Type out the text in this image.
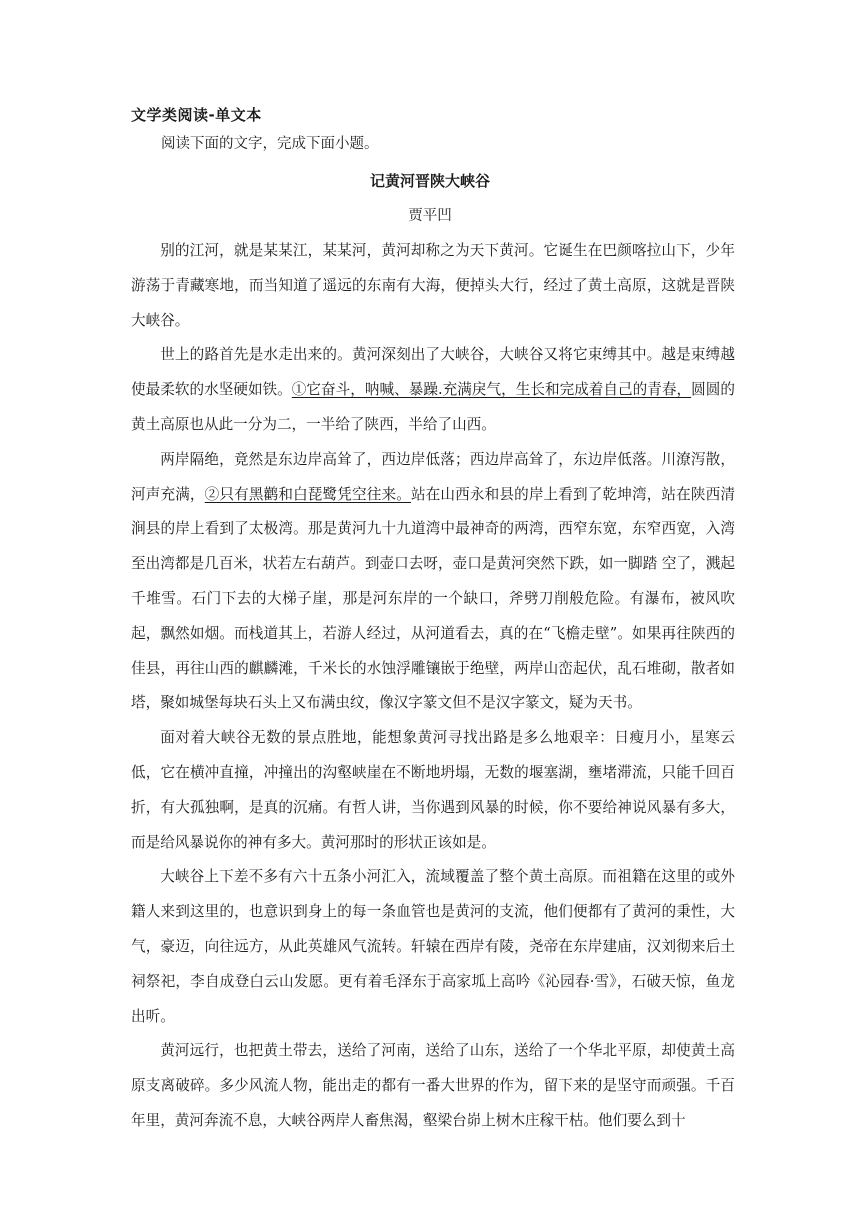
文学类阅读-单文本
阅读下面的文字，完成下面小题。
记黄河晋陕大峡谷
贾平凹

别的江河，就是某某江，某某河，黄河却称之为天下黄河。它诞生在巴颜喀拉山下，少年游荡于青藏寒地，而当知道了遥远的东南有大海，便掉头大行，经过了黄土高原，这就是晋陕大峡谷。

世上的路首先是水走出来的。黄河深刻出了大峡谷，大峡谷又将它束缚其中。越是束缚越使最柔软的水坚硬如铁。①它奋斗，呐喊、暴躁.充满戾气，生长和完成着自己的青春，圆圆的黄土高原也从此一分为二，一半给了陕西，半给了山西。

两岸隔绝，竟然是东边岸高耸了，西边岸低落；西边岸高耸了，东边岸低落。川潦泻散，河声充满，②只有黑鹳和白琵鹭凭空往来。站在山西永和县的岸上看到了乾坤湾，站在陕西清涧县的岸上看到了太极湾。那是黄河九十九道湾中最神奇的两湾，西窄东宽，东窄西宽，入湾至出湾都是几百米，状若左右葫芦。到壶口去呀，壶口是黄河突然下跌，如一脚踏 空了，溅起千堆雪。石门下去的大梯子崖，那是河东岸的一个缺口，斧劈刀削般危险。有瀑布，被风吹起，飘然如烟。而栈道其上，若游人经过，从河道看去，真的在“飞檐走壁”。如果再往陕西的佳县，再往山西的麒麟滩，千米长的水蚀浮雕镶嵌于绝壁，两岸山峦起伏，乱石堆砌，散者如塔，聚如城堡每块石头上又布满虫纹，像汉字篆文但不是汉字篆文，疑为天书。

面对着大峡谷无数的景点胜地，能想象黄河寻找出路是多么地艰辛：日瘦月小，星寒云低，它在横冲直撞，冲撞出的沟壑峡崖在不断地坍塌，无数的堰塞湖，壅堵滞流，只能千回百折，有大孤独啊，是真的沉痛。有哲人讲，当你遇到风暴的时候，你不要给神说风暴有多大，而是给风暴说你的神有多大。黄河那时的形状正该如是。

大峡谷上下差不多有六十五条小河汇入，流域覆盖了整个黄土高原。而祖籍在这里的或外籍人来到这里的，也意识到身上的每一条血管也是黄河的支流，他们便都有了黄河的秉性，大气，豪迈，向往远方，从此英雄风气流转。轩辕在西岸有陵，尧帝在东岸建庙，汉刘彻来后土祠祭祀，李自成登白云山发愿。更有着毛泽东于高家坬上高吟《沁园春·雪》，石破天惊，鱼龙出听。

黄河远行，也把黄土带去，送给了河南，送给了山东，送给了一个华北平原，却使黄土高 原支离破碎。多少风流人物，能出走的都有一番大世界的作为，留下来的是坚守而顽强。千百年里，黄河奔流不息，大峡谷两岸人畜焦渴，壑梁台峁上树木庄稼干枯。他们要么到十
